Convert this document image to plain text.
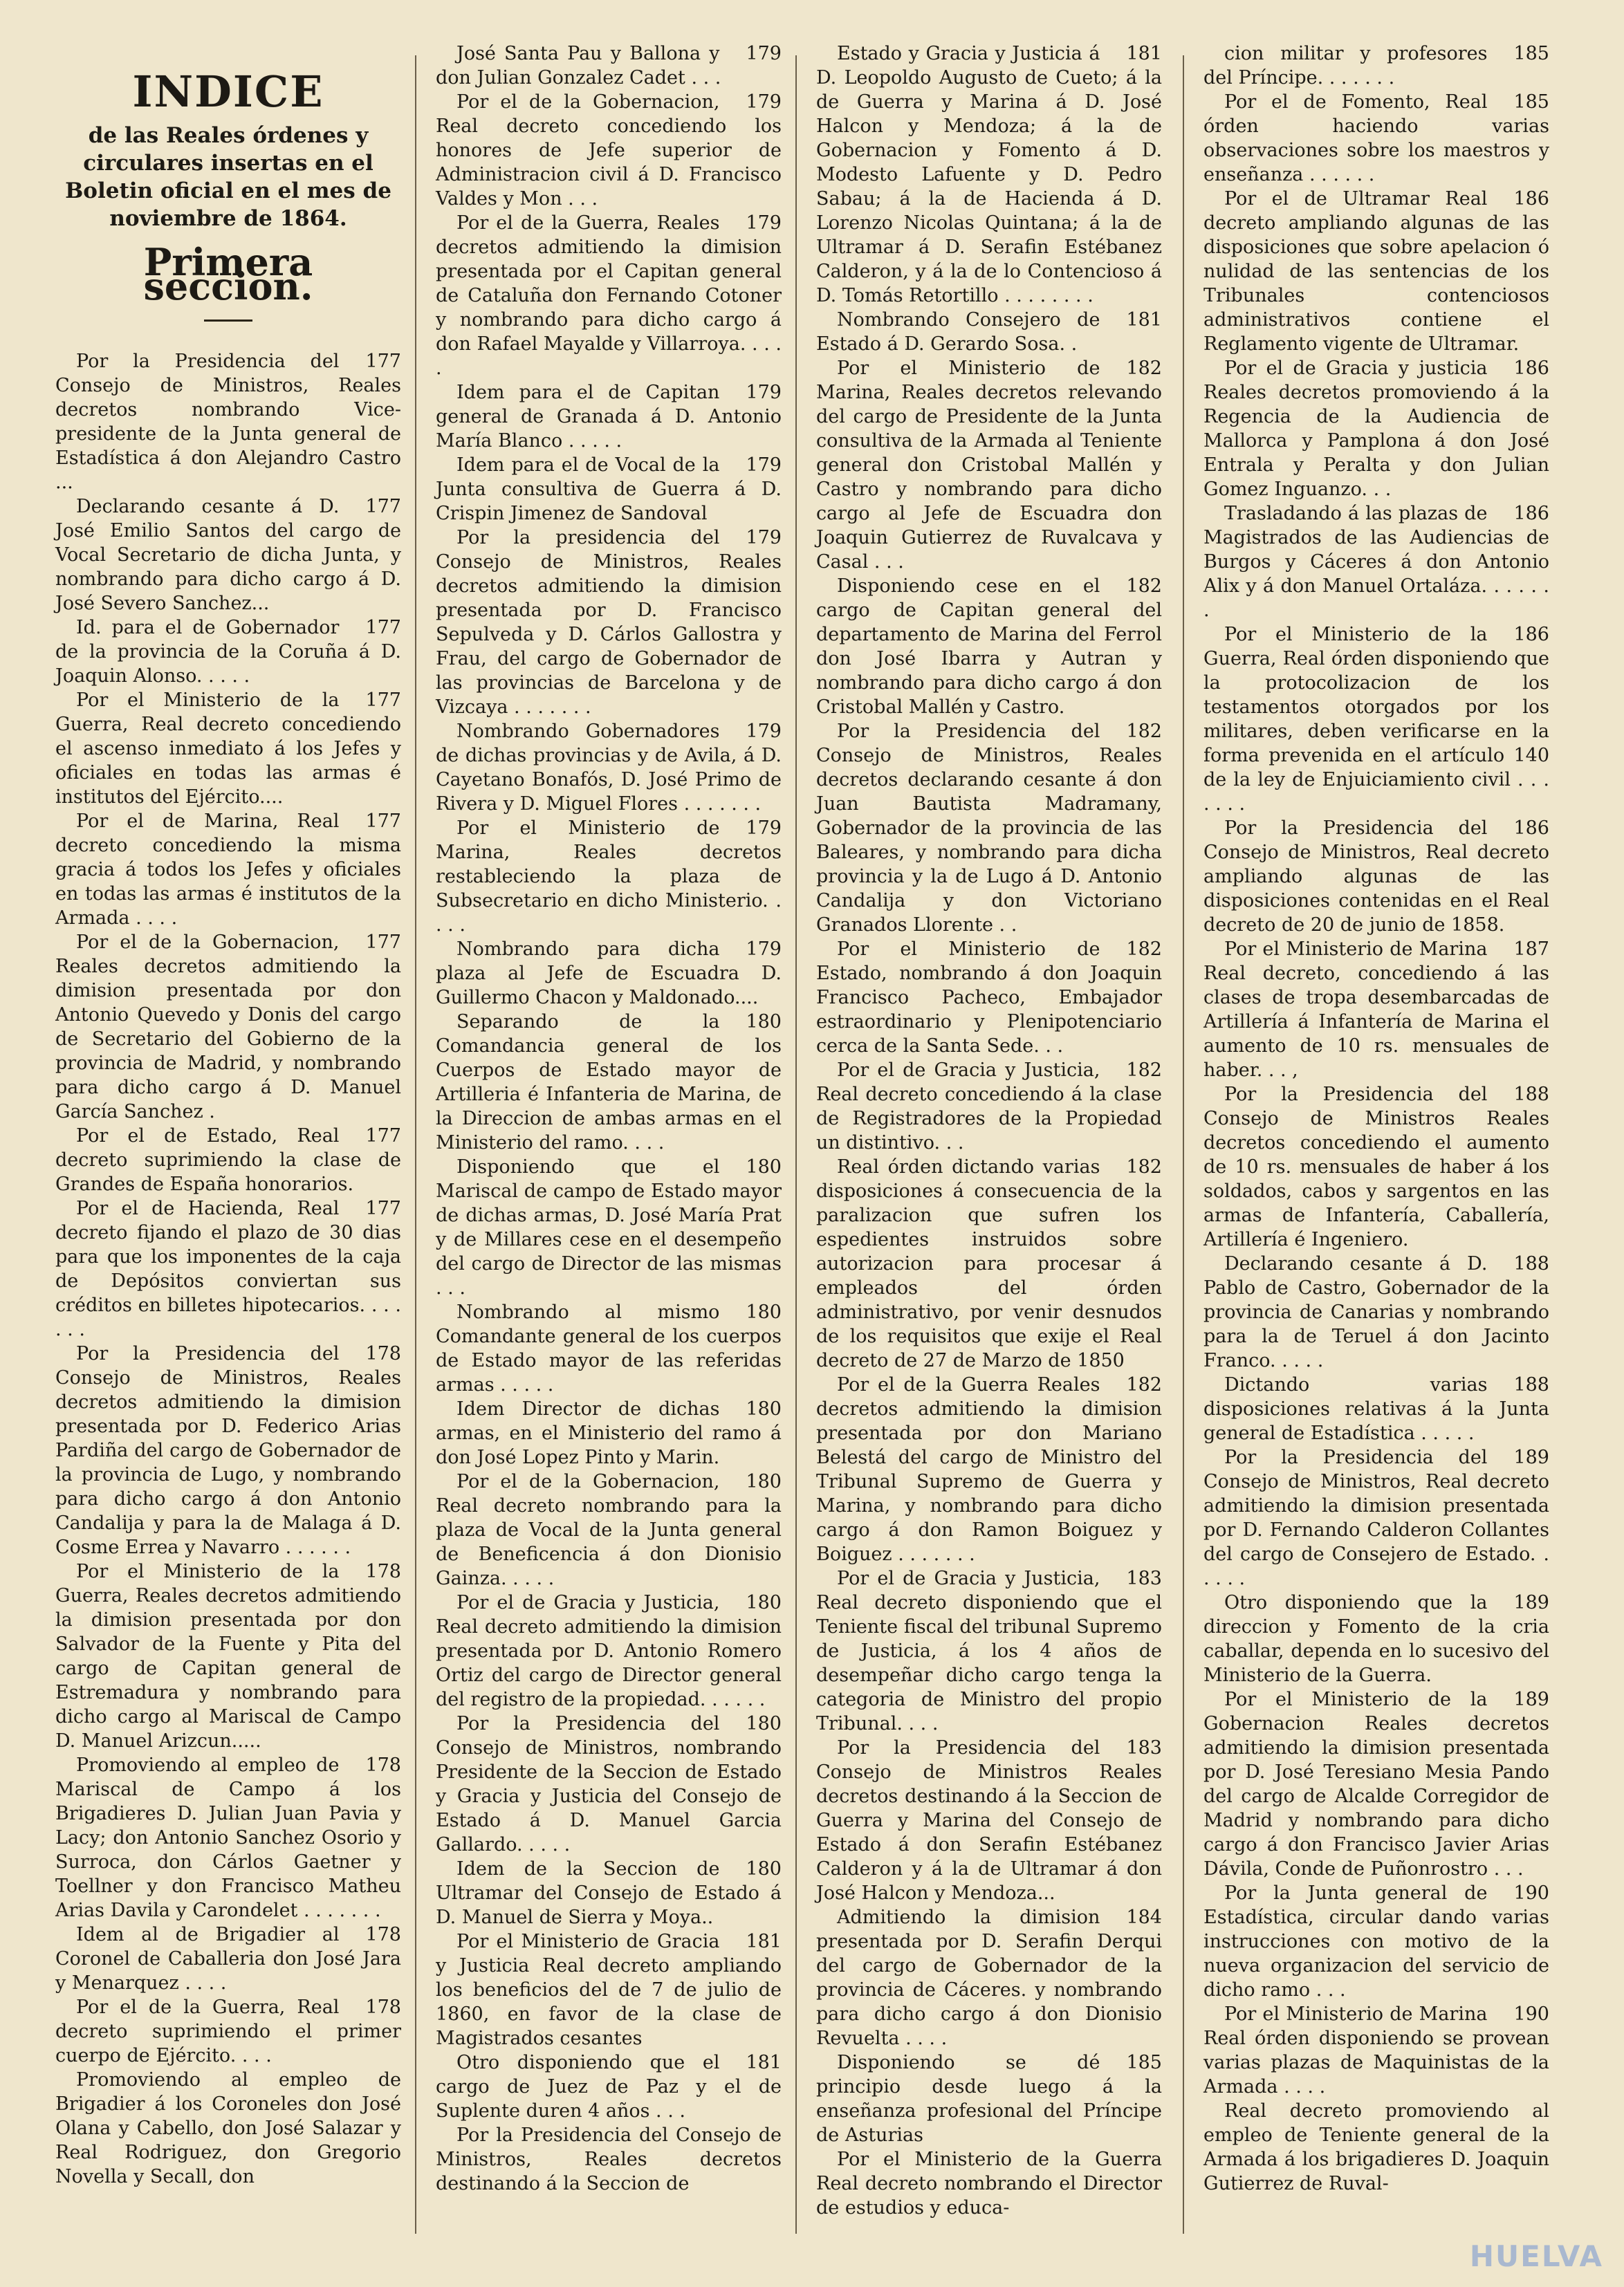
INDICE
de las Reales órdenes y circulares insertas en el Boletin oficial en el mes de noviembre de 1864.
Primera seccion.

177
Por la Presidencia del Consejo de Ministros, Reales decretos nombrando Vice-presidente de la Junta general de Estadística á don Alejandro Castro ...

177
Declarando cesante á D. José Emilio Santos del cargo de Vocal Secretario de dicha Junta, y nombrando para dicho cargo á D. José Severo Sanchez...

177
Id. para el de Gobernador de la provincia de la Coruña á D. Joaquin Alonso. . . . .

177
Por el Ministerio de la Guerra, Real decreto concediendo el ascenso inmediato á los Jefes y oficiales en todas las armas é institutos del Ejército....

177
Por el de Marina, Real decreto concediendo la misma gracia á todos los Jefes y oficiales en todas las armas é institutos de la Armada . . . .

177
Por el de la Gobernacion, Reales decretos admitiendo la dimision presentada por don Antonio Quevedo y Donis del cargo de Secretario del Gobierno de la provincia de Madrid, y nombrando para dicho cargo á D. Manuel García Sanchez .

177
Por el de Estado, Real decreto suprimiendo la clase de Grandes de España honorarios.

177
Por el de Hacienda, Real decreto fijando el plazo de 30 dias para que los imponentes de la caja de Depósitos conviertan sus créditos en billetes hipotecarios. . . . . . .

178
Por la Presidencia del Consejo de Ministros, Reales decretos admitiendo la dimision presentada por D. Federico Arias Pardiña del cargo de Gobernador de la provincia de Lugo, y nombrando para dicho cargo á don Antonio Candalija y para la de Malaga á D. Cosme Errea y Navarro . . . . . .

178
Por el Ministerio de la Guerra, Reales decretos admitiendo la dimision presentada por don Salvador de la Fuente y Pita del cargo de Capitan general de Estremadura y nombrando para dicho cargo al Mariscal de Campo D. Manuel Arizcun.....

178
Promoviendo al empleo de Mariscal de Campo á los Brigadieres D. Julian Juan Pavia y Lacy; don Antonio Sanchez Osorio y Surroca, don Cárlos Gaetner y Toellner y don Francisco Matheu Arias Davila y Carondelet . . . . . . .

178
Idem al de Brigadier al Coronel de Caballeria don José Jara y Menarquez . . . .

178
Por el de la Guerra, Real decreto suprimiendo el primer cuerpo de Ejército. . . .

Promoviendo al empleo de Brigadier á los Coroneles don José Olana y Cabello, don José Salazar y Real Rodriguez, don Gregorio Novella y Secall, don

179
José Santa Pau y Ballona y don Julian Gonzalez Cadet . . .

179
Por el de la Gobernacion, Real decreto concediendo los honores de Jefe superior de Administracion civil á D. Francisco Valdes y Mon . . .

179
Por el de la Guerra, Reales decretos admitiendo la dimision presentada por el Capitan general de Cataluña don Fernando Cotoner y nombrando para dicho cargo á don Rafael Mayalde y Villarroya. . . . .

179
Idem para el de Capitan general de Granada á D. Antonio María Blanco . . . . .

179
Idem para el de Vocal de la Junta consultiva de Guerra á D. Crispin Jimenez de Sandoval

179
Por la presidencia del Consejo de Ministros, Reales decretos admitiendo la dimision presentada por D. Francisco Sepulveda y D. Cárlos Gallostra y Frau, del cargo de Gobernador de las provincias de Barcelona y de Vizcaya . . . . . . .

179
Nombrando Gobernadores de dichas provincias y de Avila, á D. Cayetano Bonafós, D. José Primo de Rivera y D. Miguel Flores . . . . . . .

179
Por el Ministerio de Marina, Reales decretos restableciendo la plaza de Subsecretario en dicho Ministerio. . . . .

179
Nombrando para dicha plaza al Jefe de Escuadra D. Guillermo Chacon y Maldonado....

180
Separando de la Comandancia general de los Cuerpos de Estado mayor de Artilleria é Infanteria de Marina, de la Direccion de ambas armas en el Ministerio del ramo. . . .

180
Disponiendo que el Mariscal de campo de Estado mayor de dichas armas, D. José María Prat y de Millares cese en el desempeño del cargo de Director de las mismas . . .

180
Nombrando al mismo Comandante general de los cuerpos de Estado mayor de las referidas armas . . . . .

180
Idem Director de dichas armas, en el Ministerio del ramo á don José Lopez Pinto y Marin.

180
Por el de la Gobernacion, Real decreto nombrando para la plaza de Vocal de la Junta general de Beneficencia á don Dionisio Gainza. . . . .

180
Por el de Gracia y Justicia, Real decreto admitiendo la dimision presentada por D. Antonio Romero Ortiz del cargo de Director general del registro de la propiedad. . . . . .

180
Por la Presidencia del Consejo de Ministros, nombrando Presidente de la Seccion de Estado y Gracia y Justicia del Consejo de Estado á D. Manuel Garcia Gallardo. . . . .

180
Idem de la Seccion de Ultramar del Consejo de Estado á D. Manuel de Sierra y Moya..

181
Por el Ministerio de Gracia y Justicia Real decreto ampliando los beneficios del de 7 de julio de 1860, en favor de la clase de Magistrados cesantes

181
Otro disponiendo que el cargo de Juez de Paz y el de Suplente duren 4 años . . .

Por la Presidencia del Consejo de Ministros, Reales decretos destinando á la Seccion de

181
Estado y Gracia y Justicia á D. Leopoldo Augusto de Cueto; á la de Guerra y Marina á D. José Halcon y Mendoza; á la de Gobernacion y Fomento á D. Modesto Lafuente y D. Pedro Sabau; á la de Hacienda á D. Lorenzo Nicolas Quintana; á la de Ultramar á D. Serafin Estébanez Calderon, y á la de lo Contencioso á D. Tomás Retortillo . . . . . . . .

181
Nombrando Consejero de Estado á D. Gerardo Sosa. .

182
Por el Ministerio de Marina, Reales decretos relevando del cargo de Presidente de la Junta consultiva de la Armada al Teniente general don Cristobal Mallén y Castro y nombrando para dicho cargo al Jefe de Escuadra don Joaquin Gutierrez de Ruvalcava y Casal . . .

182
Disponiendo cese en el cargo de Capitan general del departamento de Marina del Ferrol don José Ibarra y Autran y nombrando para dicho cargo á don Cristobal Mallén y Castro.

182
Por la Presidencia del Consejo de Ministros, Reales decretos declarando cesante á don Juan Bautista Madramany, Gobernador de la provincia de las Baleares, y nombrando para dicha provincia y la de Lugo á D. Antonio Candalija y don Victoriano Granados Llorente . .

182
Por el Ministerio de Estado, nombrando á don Joaquin Francisco Pacheco, Embajador estraordinario y Plenipotenciario cerca de la Santa Sede. . .

182
Por el de Gracia y Justicia, Real decreto concediendo á la clase de Registradores de la Propiedad un distintivo. . .

182
Real órden dictando varias disposiciones á consecuencia de la paralizacion que sufren los espedientes instruidos sobre autorizacion para procesar á empleados del órden administrativo, por venir desnudos de los requisitos que exije el Real decreto de 27 de Marzo de 1850

182
Por el de la Guerra Reales decretos admitiendo la dimision presentada por don Mariano Belestá del cargo de Ministro del Tribunal Supremo de Guerra y Marina, y nombrando para dicho cargo á don Ramon Boiguez y Boiguez . . . . . . .

183
Por el de Gracia y Justicia, Real decreto disponiendo que el Teniente fiscal del tribunal Supremo de Justicia, á los 4 años de desempeñar dicho cargo tenga la categoria de Ministro del propio Tribunal. . . .

183
Por la Presidencia del Consejo de Ministros Reales decretos destinando á la Seccion de Guerra y Marina del Consejo de Estado á don Serafin Estébanez Calderon y á la de Ultramar á don José Halcon y Mendoza...

184
Admitiendo la dimision presentada por D. Serafin Derqui del cargo de Gobernador de la provincia de Cáceres. y nombrando para dicho cargo á don Dionisio Revuelta . . . .

185
Disponiendo se dé principio desde luego á la enseñanza profesional del Príncipe de Asturias

Por el Ministerio de la Guerra Real decreto nombrando el Director de estudios y educa-

185
cion militar y profesores del Príncipe. . . . . . .

185
Por el de Fomento, Real órden haciendo varias observaciones sobre los maestros y enseñanza . . . . . .

186
Por el de Ultramar Real decreto ampliando algunas de las disposiciones que sobre apelacion ó nulidad de las sentencias de los Tribunales contenciosos administrativos contiene el Reglamento vigente de Ultramar.

186
Por el de Gracia y justicia Reales decretos promoviendo á la Regencia de la Audiencia de Mallorca y Pamplona á don José Entrala y Peralta y don Julian Gomez Inguanzo. . .

186
Trasladando á las plazas de Magistrados de las Audiencias de Burgos y Cáceres á don Antonio Alix y á don Manuel Ortaláza. . . . . . .

186
Por el Ministerio de la Guerra, Real órden disponiendo que la protocolizacion de los testamentos otorgados por los militares, deben verificarse en la forma prevenida en el artículo 140 de la ley de Enjuiciamiento civil . . . . . . .

186
Por la Presidencia del Consejo de Ministros, Real decreto ampliando algunas de las disposiciones contenidas en el Real decreto de 20 de junio de 1858.

187
Por el Ministerio de Marina Real decreto, concediendo á las clases de tropa desembarcadas de Artillería á Infantería de Marina el aumento de 10 rs. mensuales de haber. . . ,

188
Por la Presidencia del Consejo de Ministros Reales decretos concediendo el aumento de 10 rs. mensuales de haber á los soldados, cabos y sargentos en las armas de Infantería, Caballería, Artillería é Ingeniero.

188
Declarando cesante á D. Pablo de Castro, Gobernador de la provincia de Canarias y nombrando para la de Teruel á don Jacinto Franco. . . . .

188
Dictando varias disposiciones relativas á la Junta general de Estadística . . . . .

189
Por la Presidencia del Consejo de Ministros, Real decreto admitiendo la dimision presentada por D. Fernando Calderon Collantes del cargo de Consejero de Estado. . . . . .

189
Otro disponiendo que la direccion y Fomento de la cria caballar, dependa en lo sucesivo del Ministerio de la Guerra.

189
Por el Ministerio de la Gobernacion Reales decretos admitiendo la dimision presentada por D. José Teresiano Mesia Pando del cargo de Alcalde Corregidor de Madrid y nombrando para dicho cargo á don Francisco Javier Arias Dávila, Conde de Puñonrostro . . .

190
Por la Junta general de Estadística, circular dando varias instrucciones con motivo de la nueva organizacion del servicio de dicho ramo . . .

190
Por el Ministerio de Marina Real órden disponiendo se provean varias plazas de Maquinistas de la Armada . . . .

Real decreto promoviendo al empleo de Teniente general de la Armada á los brigadieres D. Joaquin Gutierrez de Ruval-

HUELVA
